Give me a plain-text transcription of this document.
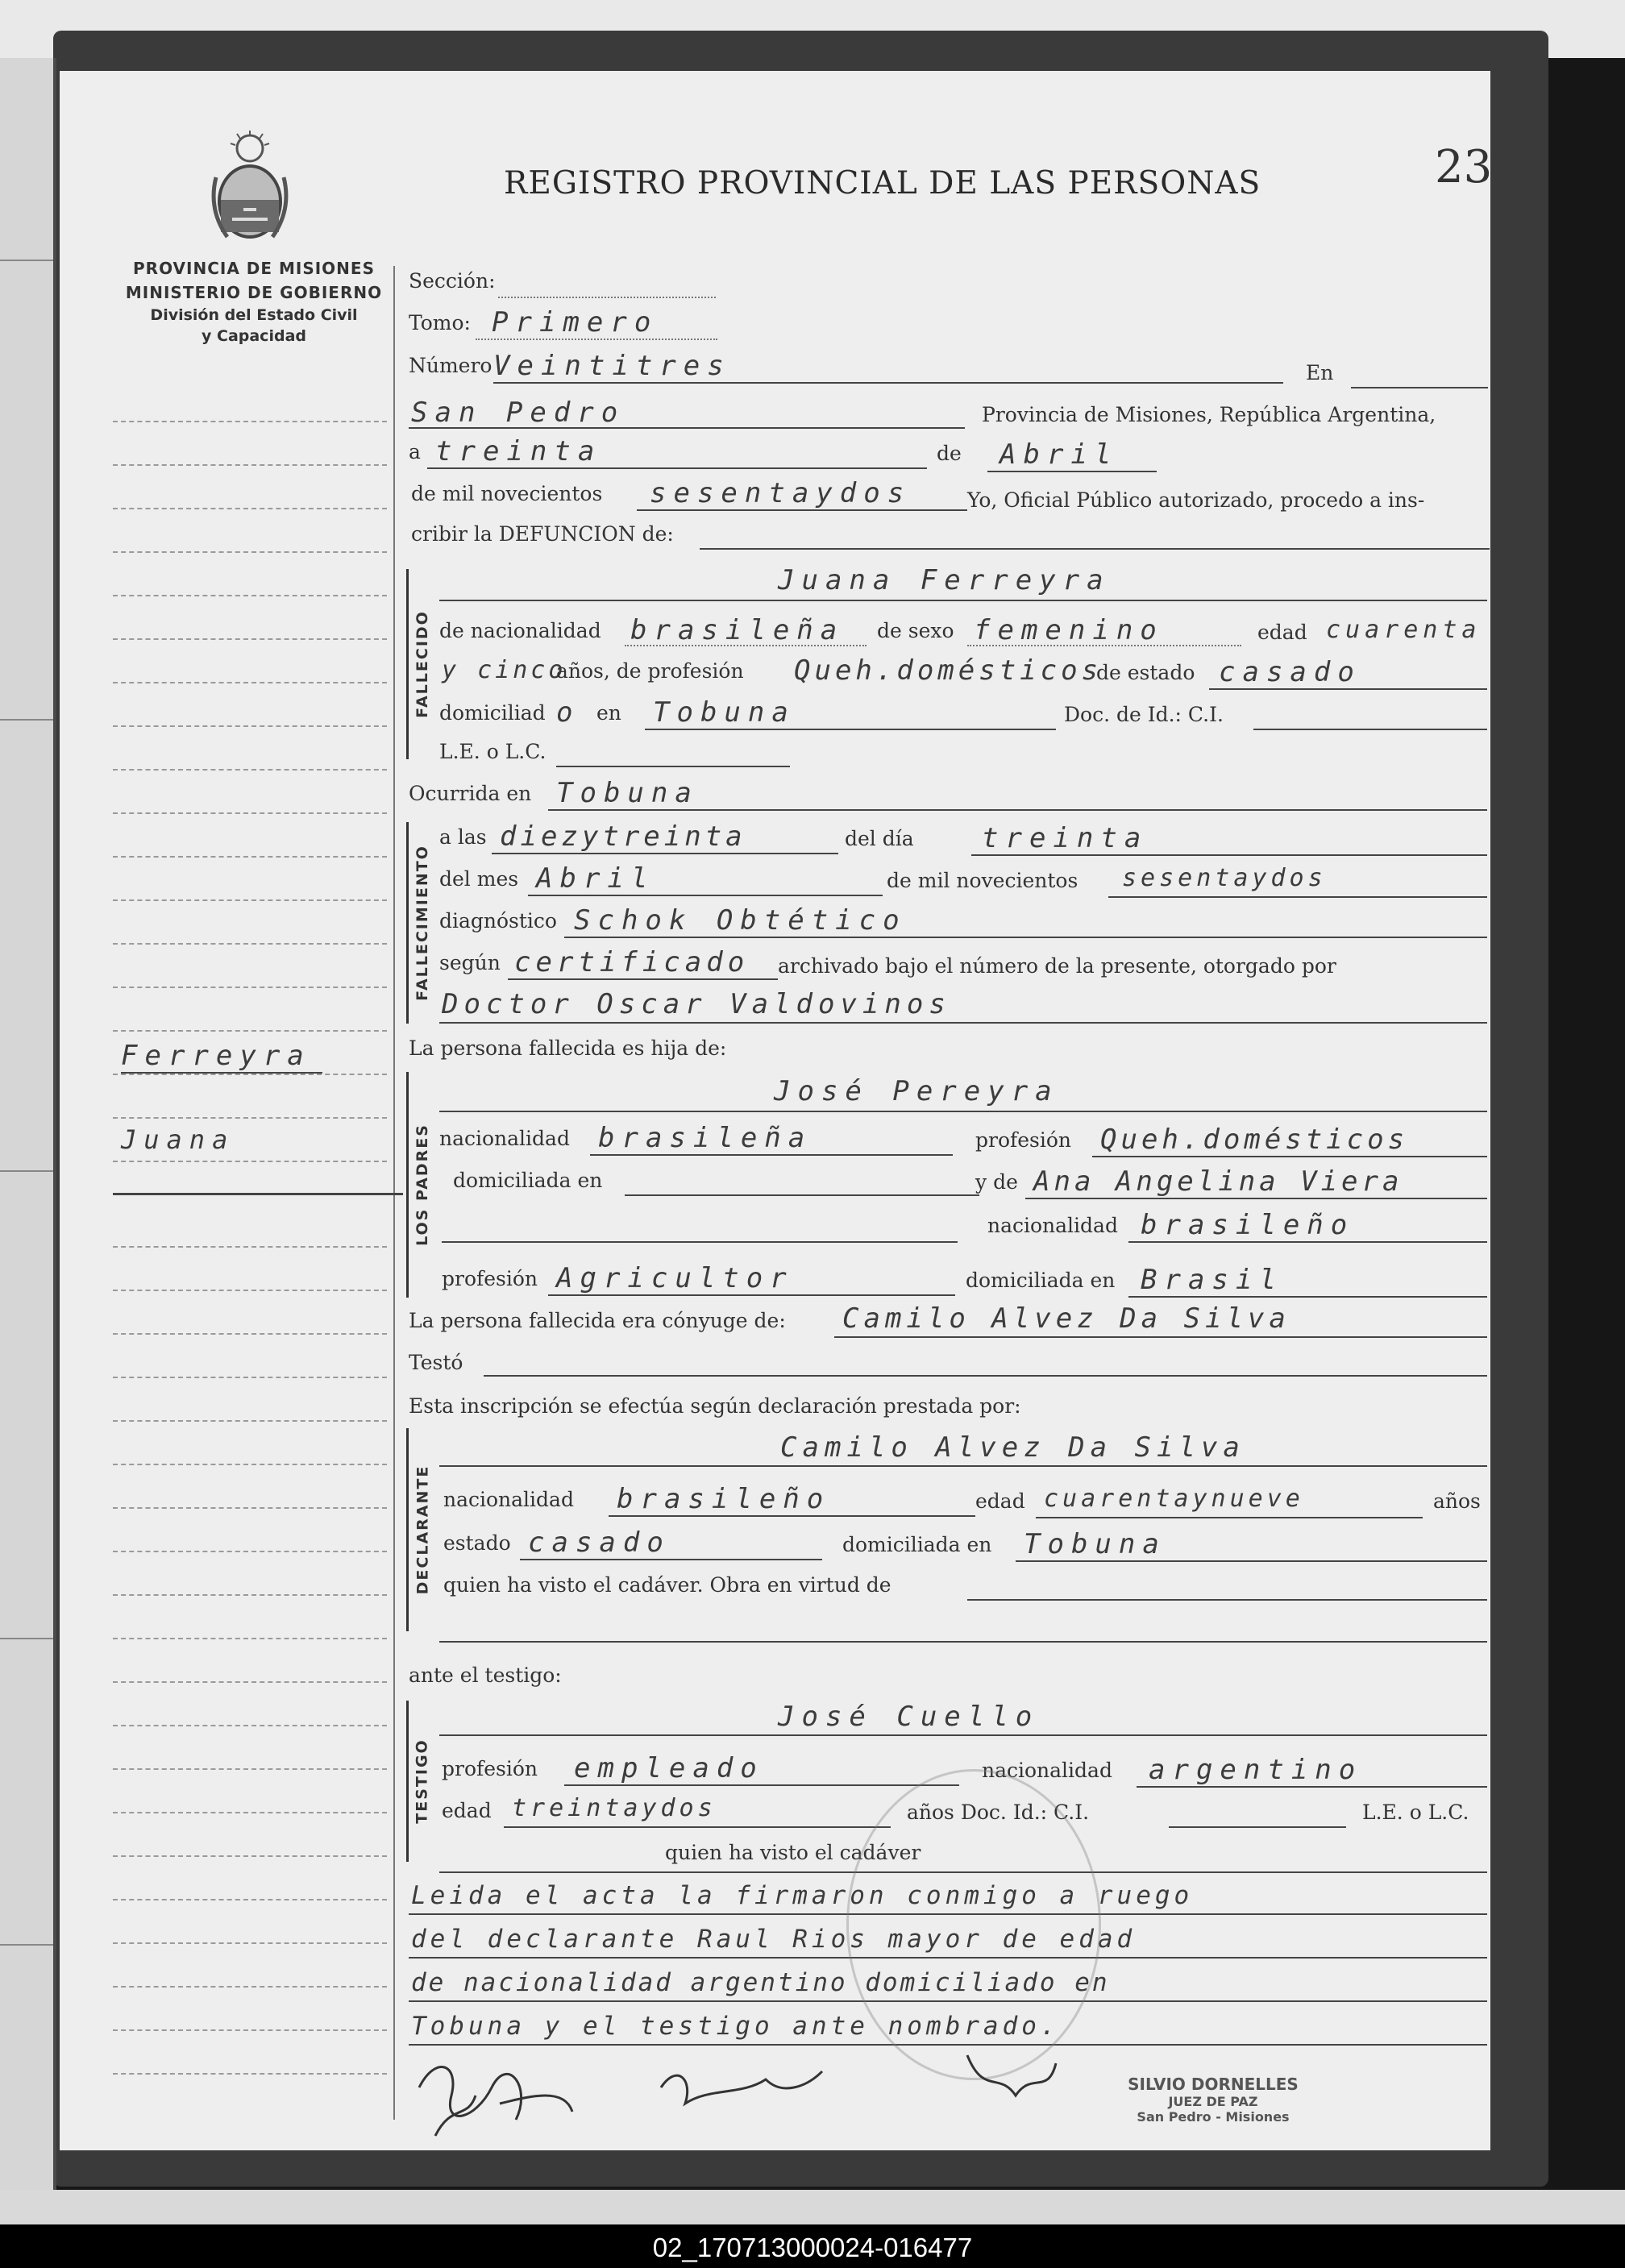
PROVINCIA DE MISIONES
MINISTERIO DE GOBIERNO
División del Estado Civil
y Capacidad
REGISTRO PROVINCIAL DE LAS PERSONAS	23
Ferreyra
Juana
Sección:
Tomo: Primero
Número Veintitres	En
San Pedro	Provincia de Misiones, República Argentina,
a treinta	de Abril
de mil novecientos sesentaydos	Yo, Oficial Público autorizado, procedo a ins-
cribir la DEFUNCION de:
FALLECIDO
Juana Ferreyra
de nacionalidad brasileña de sexo femenino	edad cuarenta
y cinco
años, de profesión Queh.domésticos
de estado casado
domiciliad o en Tobuna	Doc. de Id.: C.I.
L.E. o L.C.
Ocurrida en Tobuna
FALLECIMIENTO
a las diezytreinta	del día treinta
del mes Abril	de mil novecientos sesentaydos
diagnóstico Schok Obtético
según certificado archivado bajo el número de la presente, otorgado por
Doctor Oscar Valdovinos
La persona fallecida es hija de:
LOS PADRES
José Pereyra
nacionalidad brasileña	profesión Queh.domésticos
domiciliada en	y de Ana Angelina Viera
nacionalidad brasileño
profesión Agricultor	domiciliada en Brasil
La persona fallecida era cónyuge de: Camilo Alvez Da Silva
Testó
Esta inscripción se efectúa según declaración prestada por:
DECLARANTE
Camilo Alvez Da Silva
nacionalidad brasileño	edad cuarentaynueve	años
estado casado	domiciliada en Tobuna
quien ha visto el cadáver. Obra en virtud de
ante el testigo:
TESTIGO
José Cuello
profesión empleado	nacionalidad argentino
edad treintaydos	años Doc. Id.: C.I.	L.E. o L.C.
quien ha visto el cadáver
Leida el acta la firmaron conmigo a ruego
del declarante Raul Rios mayor de edad
de nacionalidad argentino domiciliado en
Tobuna y el testigo ante nombrado.
SILVIO DORNELLES
JUEZ DE PAZ
San Pedro - Misiones
02_170713000024-016477
